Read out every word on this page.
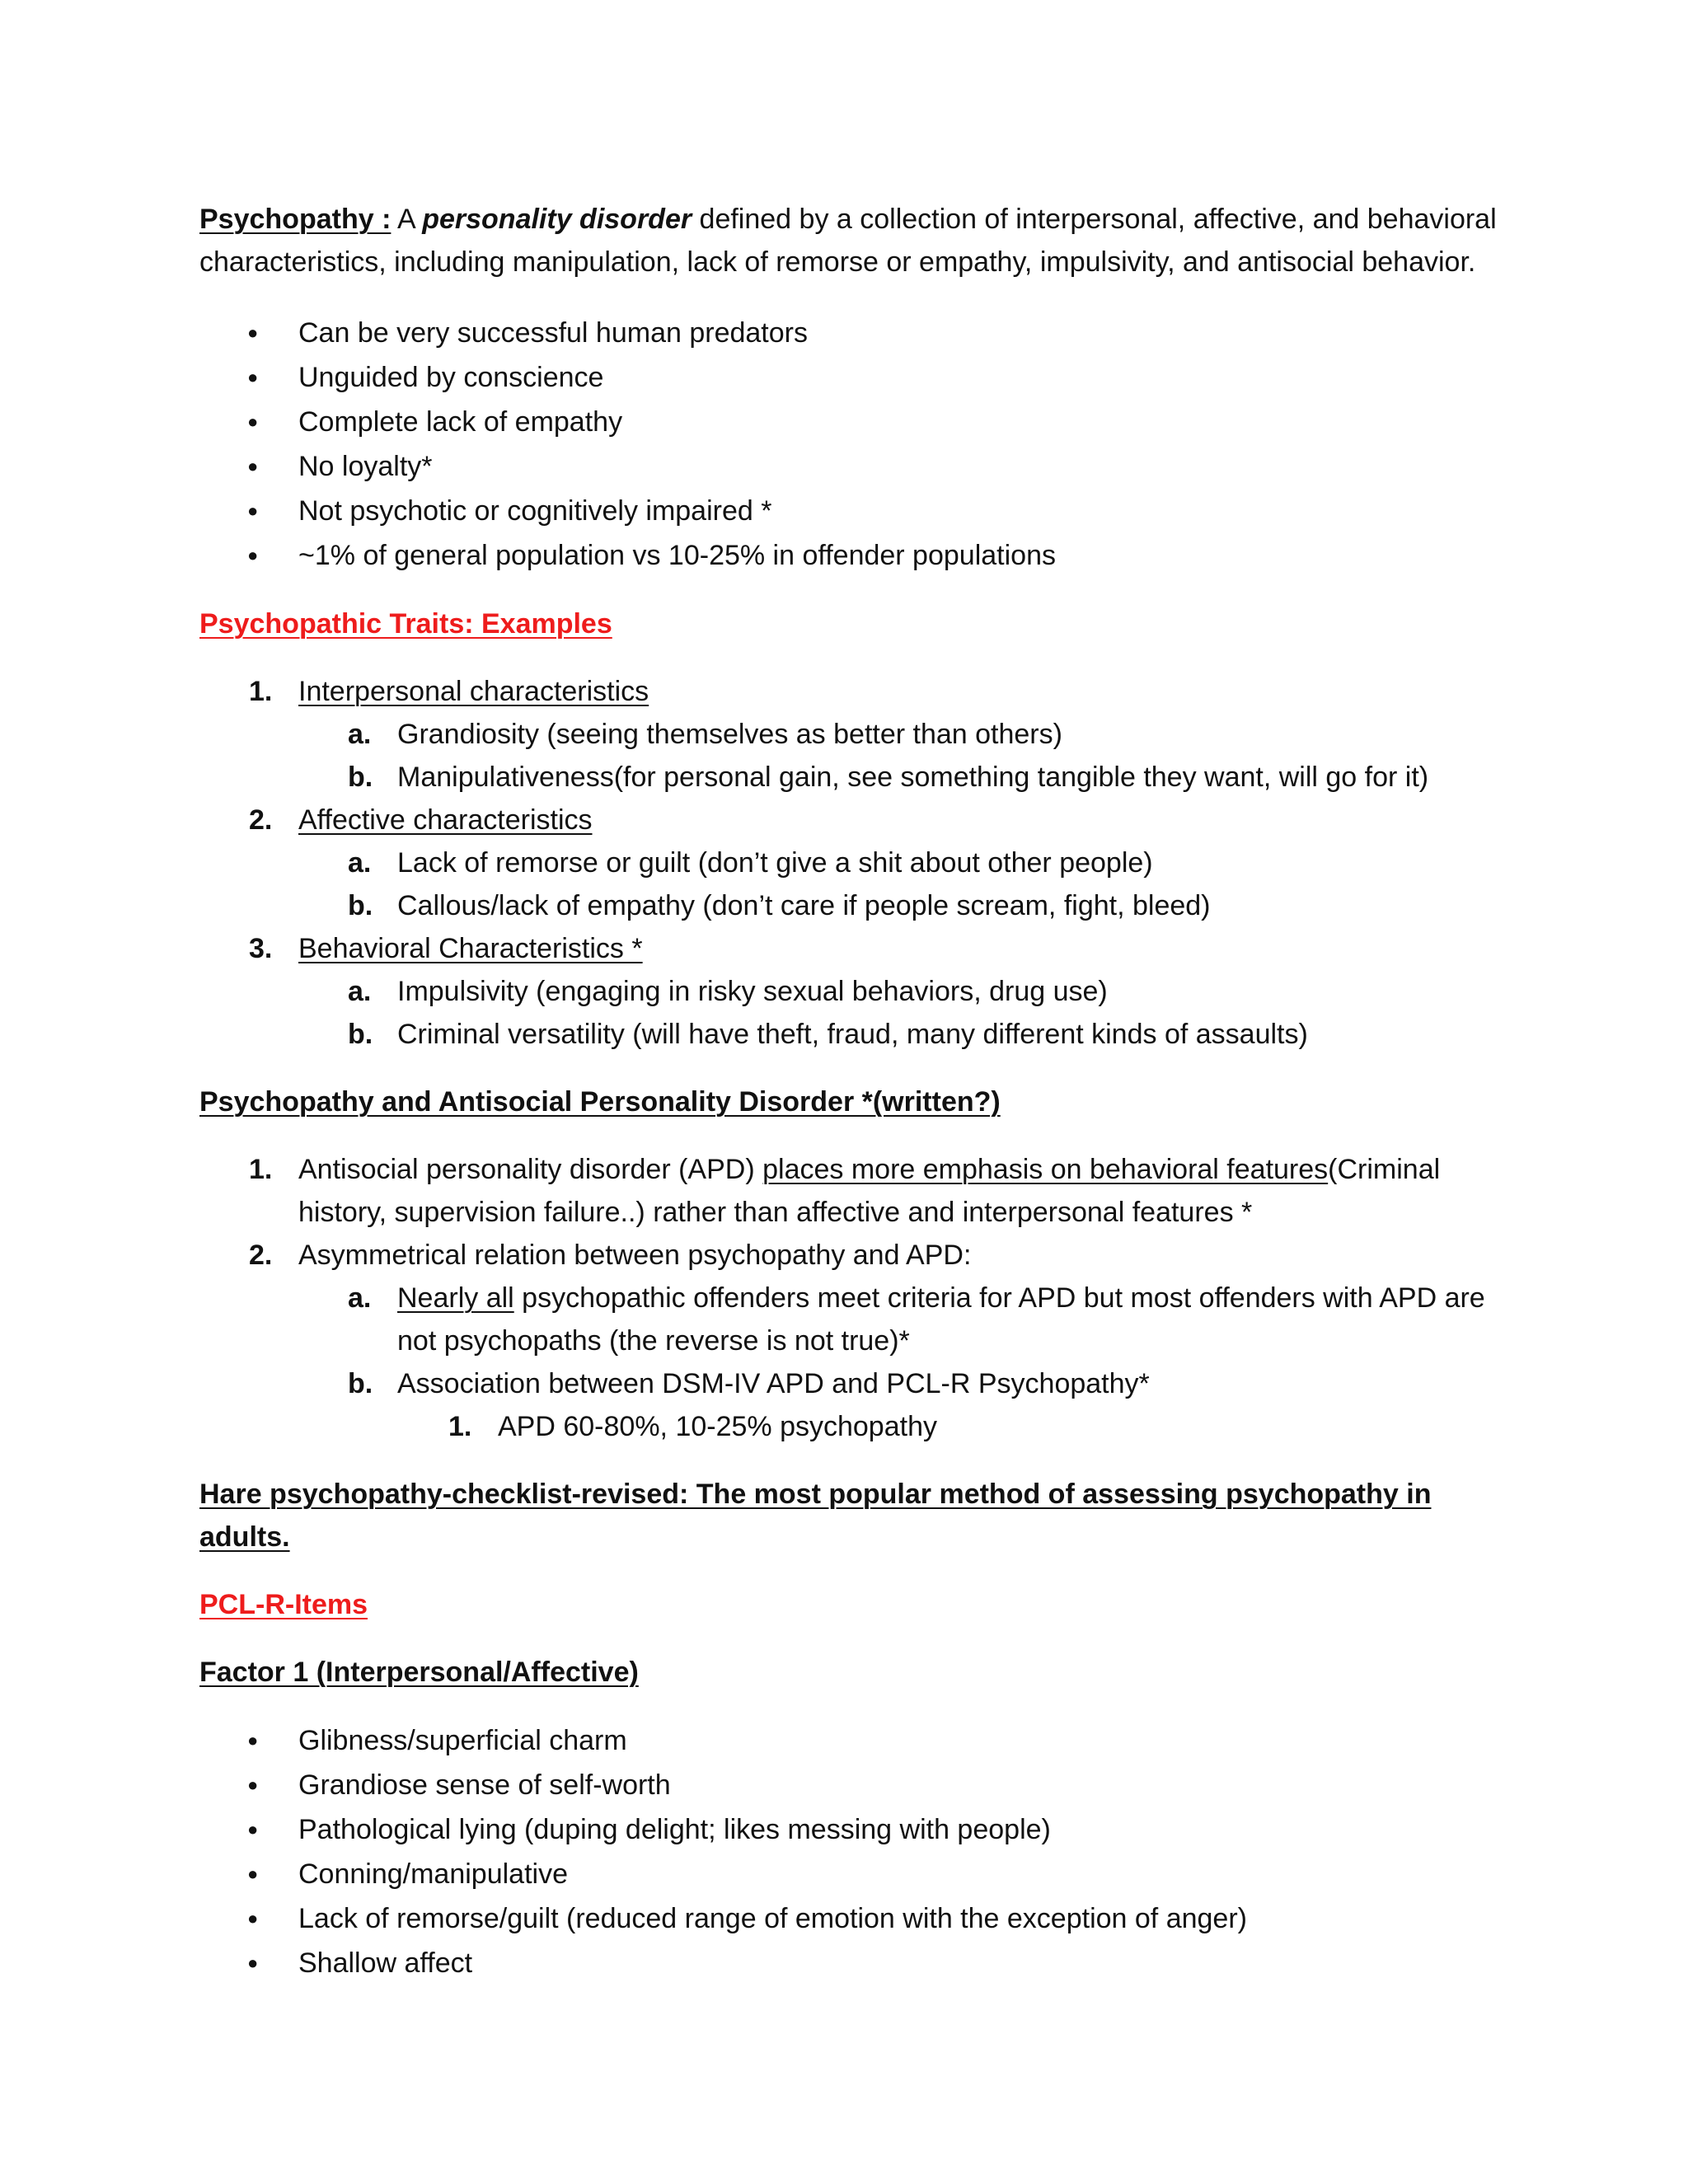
Psychopathy : A personality disorder defined by a collection of interpersonal, affective, and behavioral characteristics, including manipulation, lack of remorse or empathy, impulsivity, and antisocial behavior.

● Can be very successful human predators
● Unguided by conscience
● Complete lack of empathy
● No loyalty*
● Not psychotic or cognitively impaired *
● ~1% of general population vs 10-25% in offender populations

Psychopathic Traits: Examples

1. Interpersonal characteristics
a. Grandiosity (seeing themselves as better than others)
b. Manipulativeness(for personal gain, see something tangible they want, will go for it)
2. Affective characteristics
a. Lack of remorse or guilt (don’t give a shit about other people)
b. Callous/lack of empathy (don’t care if people scream, fight, bleed)
3. Behavioral Characteristics *
a. Impulsivity (engaging in risky sexual behaviors, drug use)
b. Criminal versatility (will have theft, fraud, many different kinds of assaults)

Psychopathy and Antisocial Personality Disorder *(written?)

1. Antisocial personality disorder (APD) places more emphasis on behavioral features(Criminal history, supervision failure..) rather than affective and interpersonal features *
2. Asymmetrical relation between psychopathy and APD:
a. Nearly all psychopathic offenders meet criteria for APD but most offenders with APD are not psychopaths (the reverse is not true)*
b. Association between DSM-IV APD and PCL-R Psychopathy*
1. APD 60-80%, 10-25% psychopathy

Hare psychopathy-checklist-revised: The most popular method of assessing psychopathy in adults.

PCL-R-Items

Factor 1 (Interpersonal/Affective)

● Glibness/superficial charm
● Grandiose sense of self-worth
● Pathological lying (duping delight; likes messing with people)
● Conning/manipulative
● Lack of remorse/guilt (reduced range of emotion with the exception of anger)
● Shallow affect
